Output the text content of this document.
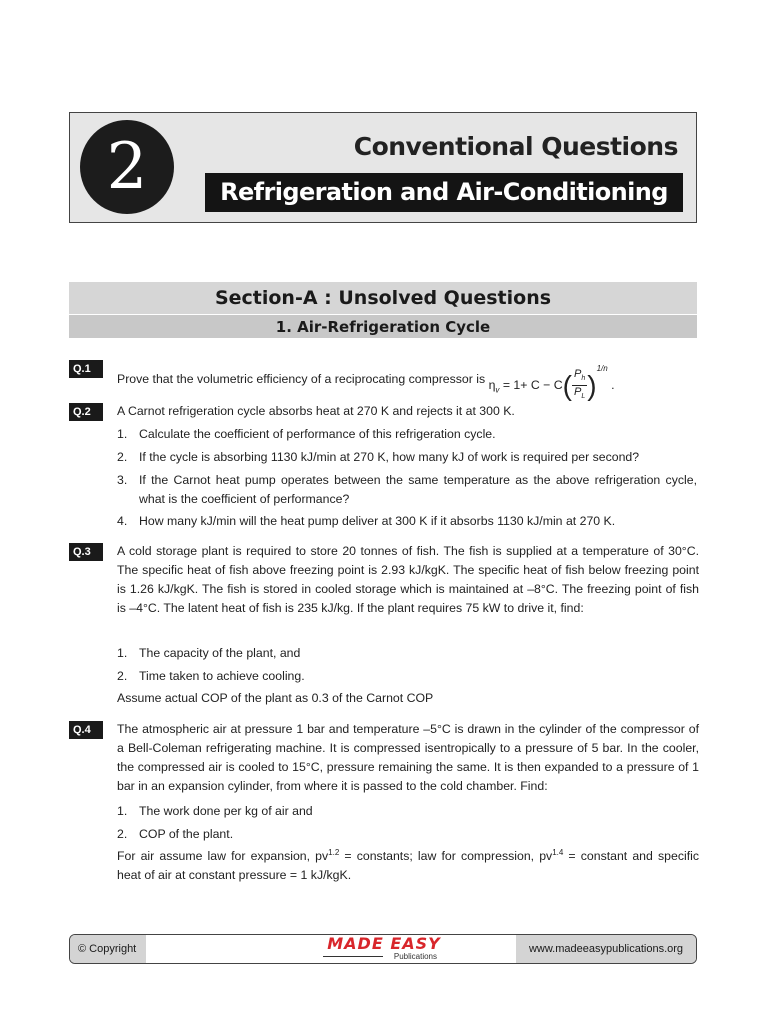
2	Conventional Questions
Refrigeration and Air-Conditioning
Section-A : Unsolved Questions
1. Air-Refrigeration Cycle
Q.1
Prove that the volumetric efficiency of a reciprocating compressor is $\eta_v = 1+ C - C( \frac{P_h}{P_L} )^{1/n}$ .
Q.2	A Carnot refrigeration cycle absorbs heat at 270 K and rejects it at 300 K.
1. Calculate the coefficient of performance of this refrigeration cycle.
2. If the cycle is absorbing 1130 kJ/min at 270 K, how many kJ of work is required per second?
3. If the Carnot heat pump operates between the same temperature as the above refrigeration cycle, what is the coefficient of performance?
4. How many kJ/min will the heat pump deliver at 300 K if it absorbs 1130 kJ/min at 270 K.
Q.3	A cold storage plant is required to store 20 tonnes of fish. The fish is supplied at a temperature of 30°C. The specific heat of fish above freezing point is 2.93 kJ/kgK. The specific heat of fish below freezing point is 1.26 kJ/kgK. The fish is stored in cooled storage which is maintained at –8°C. The freezing point of fish is –4°C. The latent heat of fish is 235 kJ/kg. If the plant requires 75 kW to drive it, find:
1. The capacity of the plant, and
2. Time taken to achieve cooling.
Assume actual COP of the plant as 0.3 of the Carnot COP
Q.4	The atmospheric air at pressure 1 bar and temperature –5°C is drawn in the cylinder of the compressor of a Bell-Coleman refrigerating machine. It is compressed isentropically to a pressure of 5 bar. In the cooler, the compressed air is cooled to 15°C, pressure remaining the same. It is then expanded to a pressure of 1 bar in an expansion cylinder, from where it is passed to the cold chamber. Find:
1. The work done per kg of air and
2. COP of the plant.
For air assume law for expansion, $pv^{1.2}$ = constants; law for compression, $pv^{1.4}$ = constant and specific heat of air at constant pressure = 1 kJ/kgK.
© Copyright	MADE EASY
Publications
www.madeeasypublications.org
